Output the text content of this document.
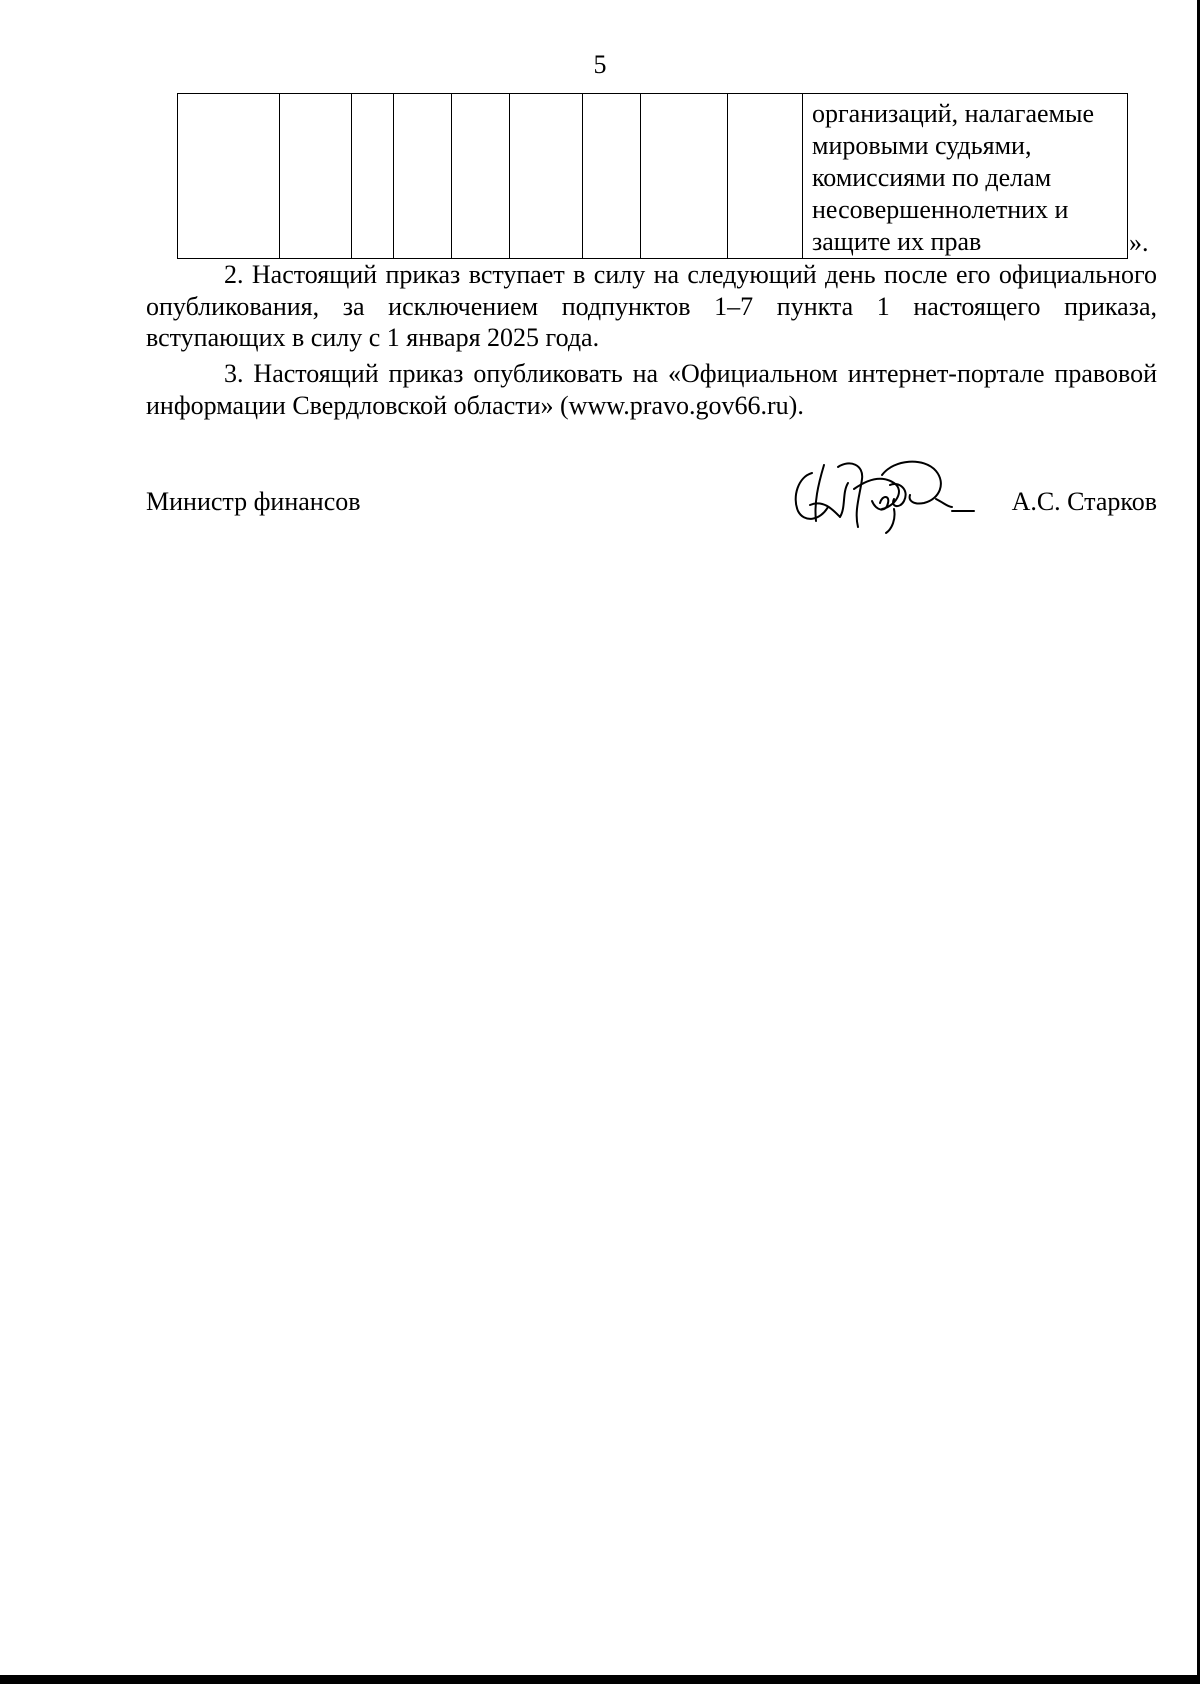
5
									организаций, налагаемые
мировыми судьями,
комиссиями по делам
несовершеннолетних и
защите их прав	».

2. Настоящий приказ вступает в силу на следующий день после его официального опубликования, за исключением подпунктов 1–7 пункта 1 настоящего приказа, вступающих в силу с 1 января 2025 года.

3. Настоящий приказ опубликовать на «Официальном интернет-портале правовой информации Свердловской области» (www.pravo.gov66.ru).

Министр финансов	А.С. Старков
